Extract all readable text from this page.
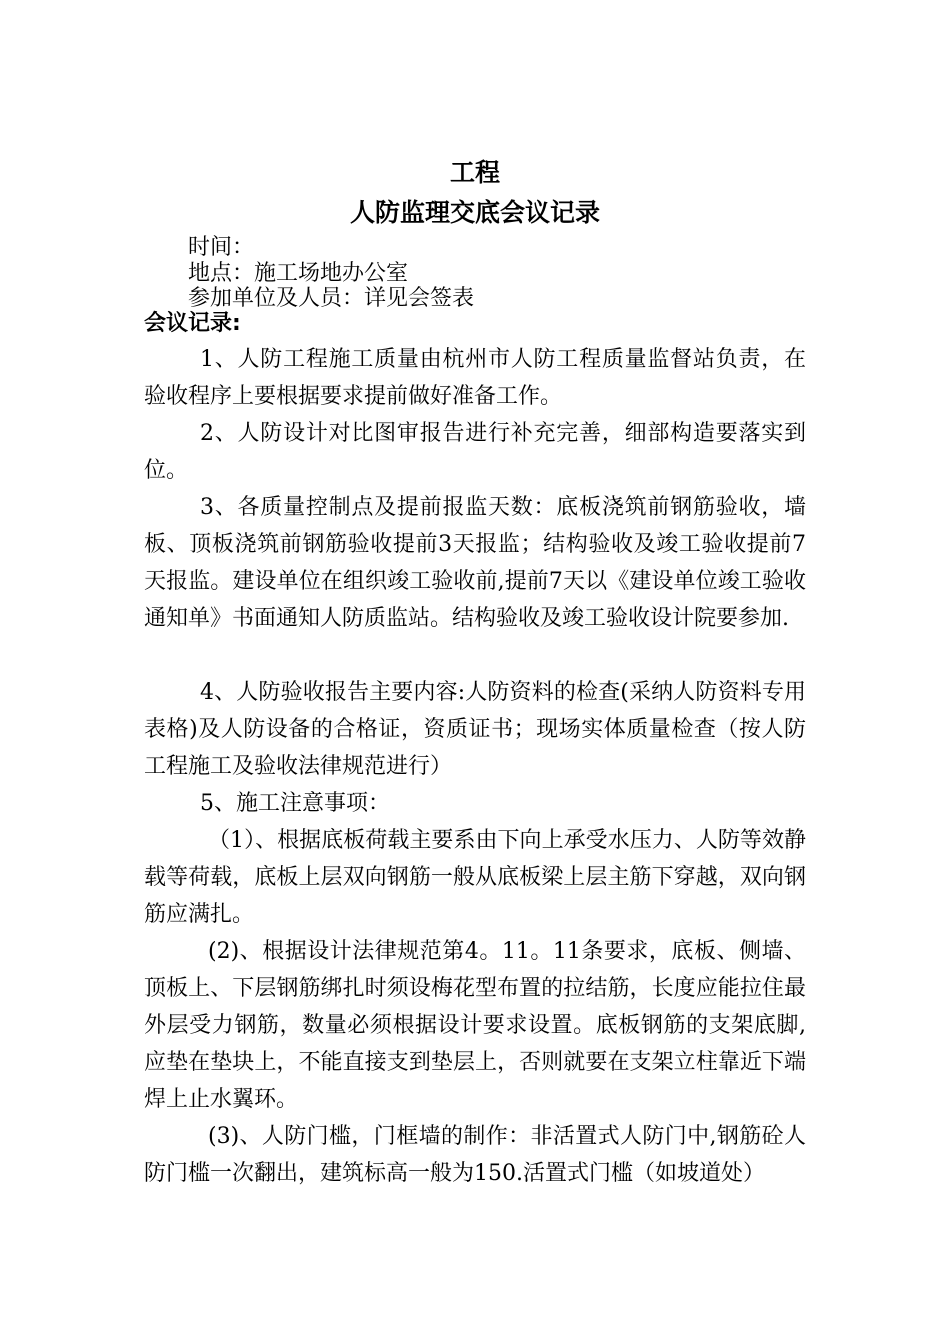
工程
人防监理交底会议记录
时间：
地点：施工场地办公室
参加单位及人员：详见会签表
会议记录:

1、人防工程施工质量由杭州市人防工程质量监督站负责，在验收程序上要根据要求提前做好准备工作。

2、人防设计对比图审报告进行补充完善，细部构造要落实到位。

3、各质量控制点及提前报监天数：底板浇筑前钢筋验收，墙板、顶板浇筑前钢筋验收提前3天报监；结构验收及竣工验收提前7天报监。建设单位在组织竣工验收前,提前7天以《建设单位竣工验收通知单》书面通知人防质监站。结构验收及竣工验收设计院要参加.

4、人防验收报告主要内容:人防资料的检查(采纳人防资料专用表格)及人防设备的合格证，资质证书；现场实体质量检查（按人防工程施工及验收法律规范进行）

5、施工注意事项：

（1）、根据底板荷载主要系由下向上承受水压力、人防等效静载等荷载，底板上层双向钢筋一般从底板梁上层主筋下穿越，双向钢筋应满扎。

(2)、根据设计法律规范第4。11。11条要求，底板、侧墙、顶板上、下层钢筋绑扎时须设梅花型布置的拉结筋，长度应能拉住最外层受力钢筋，数量必须根据设计要求设置。底板钢筋的支架底脚,应垫在垫块上，不能直接支到垫层上，否则就要在支架立柱靠近下端焊上止水翼环。

(3)、人防门槛，门框墙的制作：非活置式人防门中,钢筋砼人防门槛一次翻出，建筑标高一般为150.活置式门槛（如坡道处）
